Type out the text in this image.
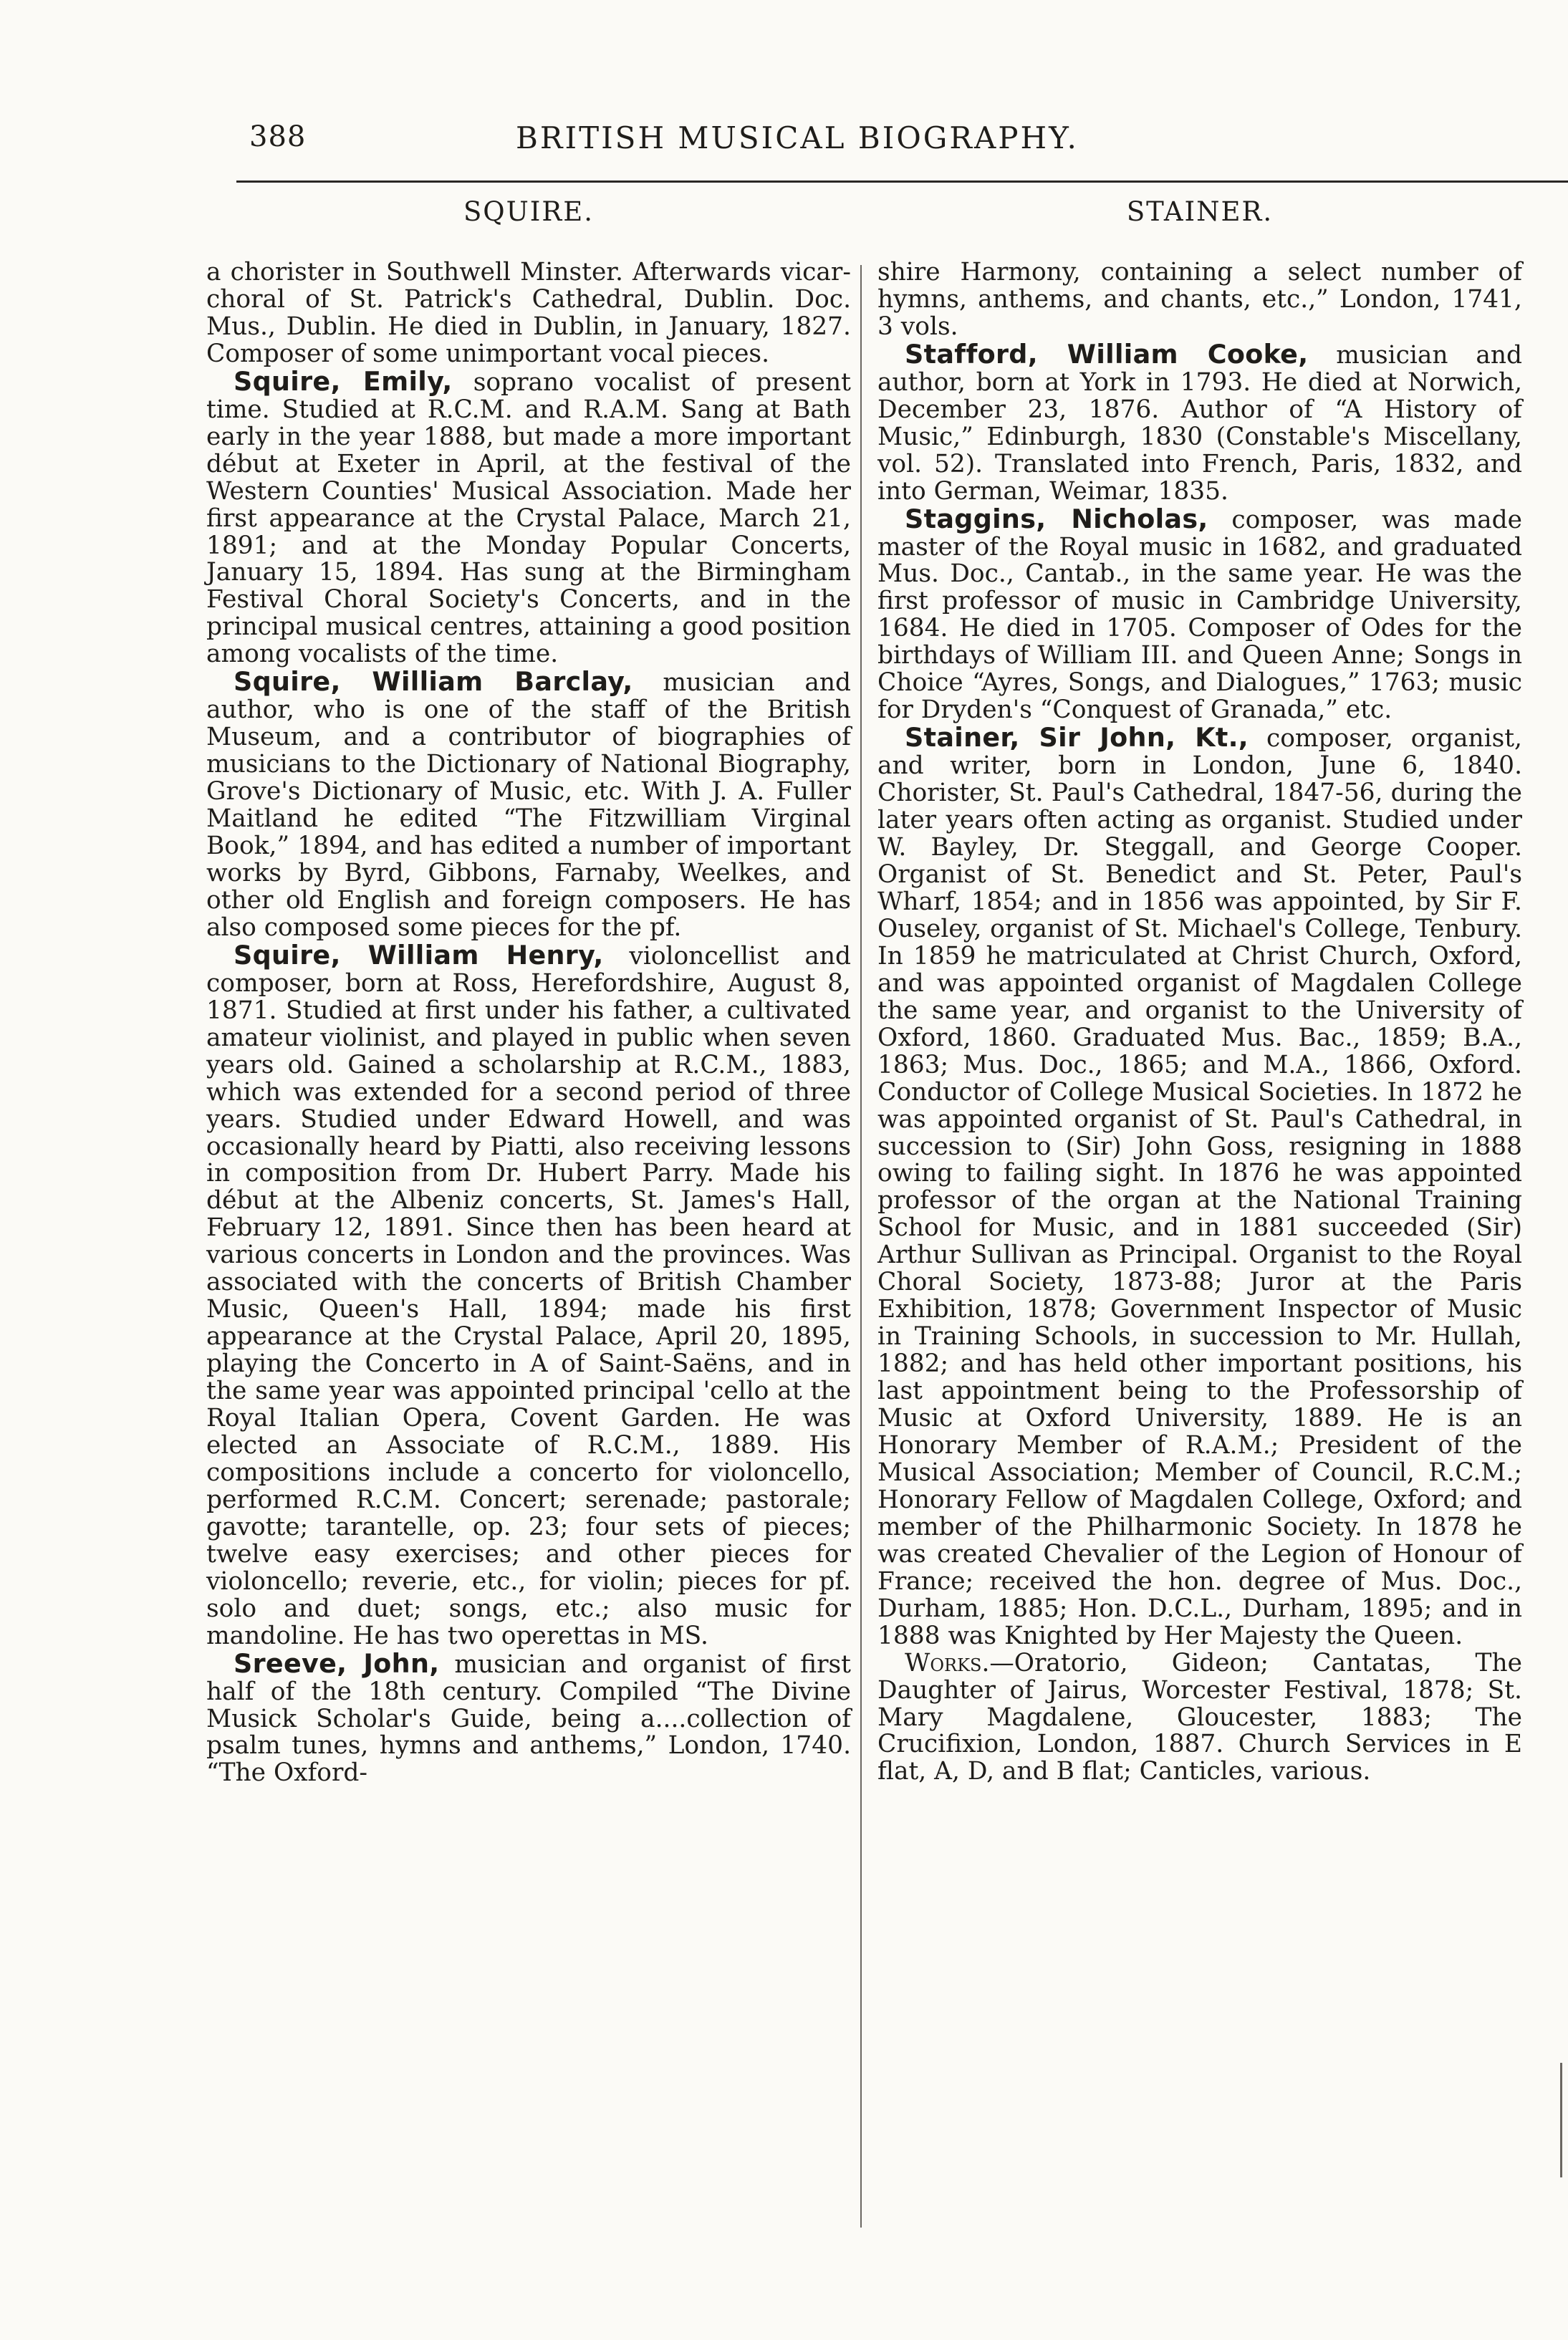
388	BRITISH MUSICAL BIOGRAPHY.
SQUIRE.

a chorister in Southwell Minster. Afterwards vicar-choral of St. Patrick's Cathedral, Dublin. Doc. Mus., Dublin. He died in Dublin, in January, 1827. Composer of some unimportant vocal pieces.

Squire, Emily, soprano vocalist of present time. Studied at R.C.M. and R.A.M. Sang at Bath early in the year 1888, but made a more important début at Exeter in April, at the festival of the Western Counties' Musical Association. Made her first appearance at the Crystal Palace, March 21, 1891; and at the Monday Popular Concerts, January 15, 1894. Has sung at the Birmingham Festival Choral Society's Concerts, and in the principal musical centres, attaining a good position among vocalists of the time.

Squire, William Barclay, musician and author, who is one of the staff of the British Museum, and a contributor of biographies of musicians to the Dictionary of National Biography, Grove's Dictionary of Music, etc. With J. A. Fuller Maitland he edited “The Fitzwilliam Virginal Book,” 1894, and has edited a number of important works by Byrd, Gibbons, Farnaby, Weelkes, and other old English and foreign composers. He has also composed some pieces for the pf.

Squire, William Henry, violoncellist and composer, born at Ross, Herefordshire, August 8, 1871. Studied at first under his father, a cultivated amateur violinist, and played in public when seven years old. Gained a scholarship at R.C.M., 1883, which was extended for a second period of three years. Studied under Edward Howell, and was occasionally heard by Piatti, also receiving lessons in composition from Dr. Hubert Parry. Made his début at the Albeniz concerts, St. James's Hall, February 12, 1891. Since then has been heard at various concerts in London and the provinces. Was associated with the concerts of British Chamber Music, Queen's Hall, 1894; made his first appearance at the Crystal Palace, April 20, 1895, playing the Concerto in A of Saint-Saëns, and in the same year was appointed principal 'cello at the Royal Italian Opera, Covent Garden. He was elected an Associate of R.C.M., 1889. His compositions include a concerto for violoncello, performed R.C.M. Concert; serenade; pastorale; gavotte; tarantelle, op. 23; four sets of pieces; twelve easy exercises; and other pieces for violoncello; reverie, etc., for violin; pieces for pf. solo and duet; songs, etc.; also music for mandoline. He has two operettas in MS.

Sreeve, John, musician and organist of first half of the 18th century. Compiled “The Divine Musick Scholar's Guide, being a....collection of psalm tunes, hymns and anthems,” London, 1740. “The Oxford-

STAINER.

shire Harmony, containing a select number of hymns, anthems, and chants, etc.,” London, 1741, 3 vols.

Stafford, William Cooke, musician and author, born at York in 1793. He died at Norwich, December 23, 1876. Author of “A History of Music,” Edinburgh, 1830 (Constable's Miscellany, vol. 52). Translated into French, Paris, 1832, and into German, Weimar, 1835.

Staggins, Nicholas, composer, was made master of the Royal music in 1682, and graduated Mus. Doc., Cantab., in the same year. He was the first professor of music in Cambridge University, 1684. He died in 1705. Composer of Odes for the birthdays of William III. and Queen Anne; Songs in Choice “Ayres, Songs, and Dialogues,” 1763; music for Dryden's “Conquest of Granada,” etc.

Stainer, Sir John, Kt., composer, organist, and writer, born in London, June 6, 1840. Chorister, St. Paul's Cathedral, 1847-56, during the later years often acting as organist. Studied under W. Bayley, Dr. Steggall, and George Cooper. Organist of St. Benedict and St. Peter, Paul's Wharf, 1854; and in 1856 was appointed, by Sir F. Ouseley, organist of St. Michael's College, Tenbury. In 1859 he matriculated at Christ Church, Oxford, and was appointed organist of Magdalen College the same year, and organist to the University of Oxford, 1860. Graduated Mus. Bac., 1859; B.A., 1863; Mus. Doc., 1865; and M.A., 1866, Oxford. Conductor of College Musical Societies. In 1872 he was appointed organist of St. Paul's Cathedral, in succession to (Sir) John Goss, resigning in 1888 owing to failing sight. In 1876 he was appointed professor of the organ at the National Training School for Music, and in 1881 succeeded (Sir) Arthur Sullivan as Principal. Organist to the Royal Choral Society, 1873-88; Juror at the Paris Exhibition, 1878; Government Inspector of Music in Training Schools, in succession to Mr. Hullah, 1882; and has held other important positions, his last appointment being to the Professorship of Music at Oxford University, 1889. He is an Honorary Member of R.A.M.; President of the Musical Association; Member of Council, R.C.M.; Honorary Fellow of Magdalen College, Oxford; and member of the Philharmonic Society. In 1878 he was created Chevalier of the Legion of Honour of France; received the hon. degree of Mus. Doc., Durham, 1885; Hon. D.C.L., Durham, 1895; and in 1888 was Knighted by Her Majesty the Queen.

Works.—Oratorio, Gideon; Cantatas, The Daughter of Jairus, Worcester Festival, 1878; St. Mary Magdalene, Gloucester, 1883; The Crucifixion, London, 1887. Church Services in E flat, A, D, and B flat; Canticles, various.
